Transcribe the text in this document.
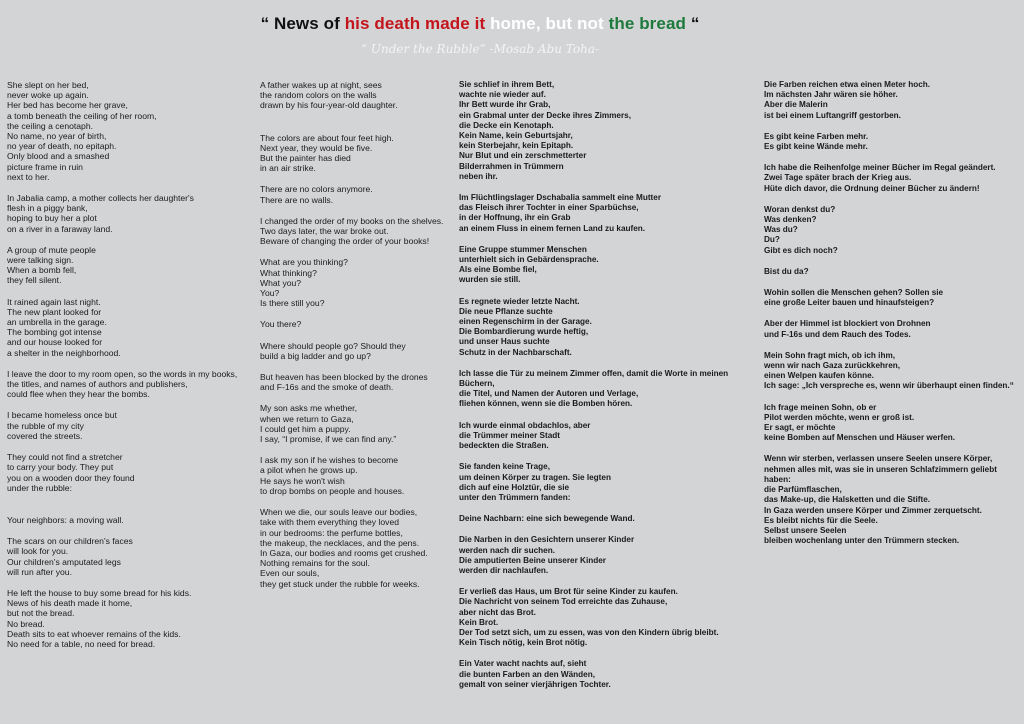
“ News of his death made it home, but not the bread “
“ Under the Rubble” -Mosab Abu Toha-

She slept on her bed,
never woke up again.
Her bed has become her grave,
a tomb beneath the ceiling of her room,
the ceiling a cenotaph.
No name, no year of birth,
no year of death, no epitaph.
Only blood and a smashed
picture frame in ruin
next to her.

In Jabalia camp, a mother collects her daughter's
flesh in a piggy bank,
hoping to buy her a plot
on a river in a faraway land.

A group of mute people
were talking sign.
When a bomb fell,
they fell silent.

It rained again last night.
The new plant looked for
an umbrella in the garage.
The bombing got intense
and our house looked for
a shelter in the neighborhood.

I leave the door to my room open, so the words in my books,
the titles, and names of authors and publishers,
could flee when they hear the bombs.

I became homeless once but
the rubble of my city
covered the streets.

They could not find a stretcher
to carry your body. They put
you on a wooden door they found
under the rubble:

Your neighbors: a moving wall.

The scars on our children's faces
will look for you.
Our children's amputated legs
will run after you.

He left the house to buy some bread for his kids.
News of his death made it home,
but not the bread.
No bread.
Death sits to eat whoever remains of the kids.
No need for a table, no need for bread.

A father wakes up at night, sees
the random colors on the walls
drawn by his four-year-old daughter.

The colors are about four feet high.
Next year, they would be five.
But the painter has died
in an air strike.

There are no colors anymore.
There are no walls.

I changed the order of my books on the shelves.
Two days later, the war broke out.
Beware of changing the order of your books!

What are you thinking?
What thinking?
What you?
You?
Is there still you?

You there?

Where should people go? Should they
build a big ladder and go up?

But heaven has been blocked by the drones
and F-16s and the smoke of death.

My son asks me whether,
when we return to Gaza,
I could get him a puppy.
I say, “I promise, if we can find any.”

I ask my son if he wishes to become
a pilot when he grows up.
He says he won't wish
to drop bombs on people and houses.

When we die, our souls leave our bodies,
take with them everything they loved
in our bedrooms: the perfume bottles,
the makeup, the necklaces, and the pens.
In Gaza, our bodies and rooms get crushed.
Nothing remains for the soul.
Even our souls,
they get stuck under the rubble for weeks.

Sie schlief in ihrem Bett,
wachte nie wieder auf.
Ihr Bett wurde ihr Grab,
ein Grabmal unter der Decke ihres Zimmers,
die Decke ein Kenotaph.
Kein Name, kein Geburtsjahr,
kein Sterbejahr, kein Epitaph.
Nur Blut und ein zerschmetterter
Bilderrahmen in Trümmern
neben ihr.

Im Flüchtlingslager Dschabalia sammelt eine Mutter
das Fleisch ihrer Tochter in einer Sparbüchse,
in der Hoffnung, ihr ein Grab
an einem Fluss in einem fernen Land zu kaufen.

Eine Gruppe stummer Menschen
unterhielt sich in Gebärdensprache.
Als eine Bombe fiel,
wurden sie still.

Es regnete wieder letzte Nacht.
Die neue Pflanze suchte
einen Regenschirm in der Garage.
Die Bombardierung wurde heftig,
und unser Haus suchte
Schutz in der Nachbarschaft.

Ich lasse die Tür zu meinem Zimmer offen, damit die Worte in meinen Büchern,
die Titel, und Namen der Autoren und Verlage,
fliehen können, wenn sie die Bomben hören.

Ich wurde einmal obdachlos, aber
die Trümmer meiner Stadt
bedeckten die Straßen.

Sie fanden keine Trage,
um deinen Körper zu tragen. Sie legten
dich auf eine Holztür, die sie
unter den Trümmern fanden:

Deine Nachbarn: eine sich bewegende Wand.

Die Narben in den Gesichtern unserer Kinder
werden nach dir suchen.
Die amputierten Beine unserer Kinder
werden dir nachlaufen.

Er verließ das Haus, um Brot für seine Kinder zu kaufen.
Die Nachricht von seinem Tod erreichte das Zuhause,
aber nicht das Brot.
Kein Brot.
Der Tod setzt sich, um zu essen, was von den Kindern übrig bleibt.
Kein Tisch nötig, kein Brot nötig.

Ein Vater wacht nachts auf, sieht
die bunten Farben an den Wänden,
gemalt von seiner vierjährigen Tochter.

Die Farben reichen etwa einen Meter hoch.
Im nächsten Jahr wären sie höher.
Aber die Malerin
ist bei einem Luftangriff gestorben.

Es gibt keine Farben mehr.
Es gibt keine Wände mehr.

Ich habe die Reihenfolge meiner Bücher im Regal geändert.
Zwei Tage später brach der Krieg aus.
Hüte dich davor, die Ordnung deiner Bücher zu ändern!

Woran denkst du?
Was denken?
Was du?
Du?
Gibt es dich noch?

Bist du da?

Wohin sollen die Menschen gehen? Sollen sie
eine große Leiter bauen und hinaufsteigen?

Aber der Himmel ist blockiert von Drohnen
und F-16s und dem Rauch des Todes.

Mein Sohn fragt mich, ob ich ihm,
wenn wir nach Gaza zurückkehren,
einen Welpen kaufen könne.
Ich sage: „Ich verspreche es, wenn wir überhaupt einen finden.“

Ich frage meinen Sohn, ob er
Pilot werden möchte, wenn er groß ist.
Er sagt, er möchte
keine Bomben auf Menschen und Häuser werfen.

Wenn wir sterben, verlassen unsere Seelen unsere Körper,
nehmen alles mit, was sie in unseren Schlafzimmern geliebt haben:
die Parfümflaschen,
das Make-up, die Halsketten und die Stifte.
In Gaza werden unsere Körper und Zimmer zerquetscht.
Es bleibt nichts für die Seele.
Selbst unsere Seelen
bleiben wochenlang unter den Trümmern stecken.
